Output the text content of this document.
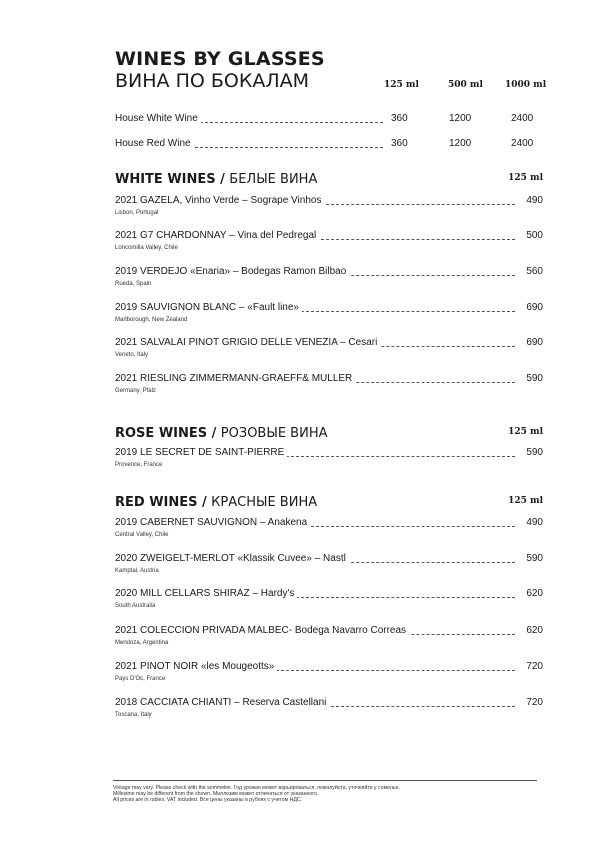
WINES BY GLASSES
ВИНА ПО БОКАЛАМ	125 ml	500 ml 1000 ml
House White Wine	360	1200	2400
House Red Wine	360	1200	2400
WHITE WINES / БЕЛЫЕ ВИНА	125 ml
2021 GAZELA, Vinho Verde – Sogrape Vinhos	490
Lisbon, Portugal
2021 G7 CHARDONNAY – Vina del Pedregal	500
Loncomilla Valley, Chile
2019 VERDEJO «Enaria» – Bodegas Ramon Bilbao	560
Rueda, Spain
2019 SAUVIGNON BLANC – «Fault line»	690
Marlborough, New Zealand
2021 SALVALAI PINOT GRIGIO DELLE VENEZIA – Cesari	690
Veneto, Italy
2021 RIESLING ZIMMERMANN-GRAEFF& MULLER	590
Germany, Pfalz
ROSE WINES / РОЗОВЫЕ ВИНА	125 ml
2019 LE SECRET DE SAINT-PIERRE	590
Provence, France
RED WINES / КРАСНЫЕ ВИНА	125 ml
2019 CABERNET SAUVIGNON – Anakena	490
Central Valley, Chile
2020 ZWEIGELT-MERLOT «Klassik Cuvee» – Nastl	590
Kamptal, Austria
2020 MILL CELLARS SHIRAZ – Hardy's	620
South Australia
2021 COLECCION PRIVADA MALBEC- Bodega Navarro Correas	620
Mendoza, Argentina
2021 PINOT NOIR «les Mougeotts»	720
Pays D'Oc, France
2018 CACCIATA CHIANTI – Reserva Castellani	720
Toscana, Italy
Vintage may vary. Please check with the sommelier. Год урожая может варьироваться, пожалуйста, уточняйте у сомелье.
Millesime may be different from the shown. Миллезим может отличаться от указанного.
All prices are in rubles. VAT included. Все цены указаны в рублях с учетом НДС.
